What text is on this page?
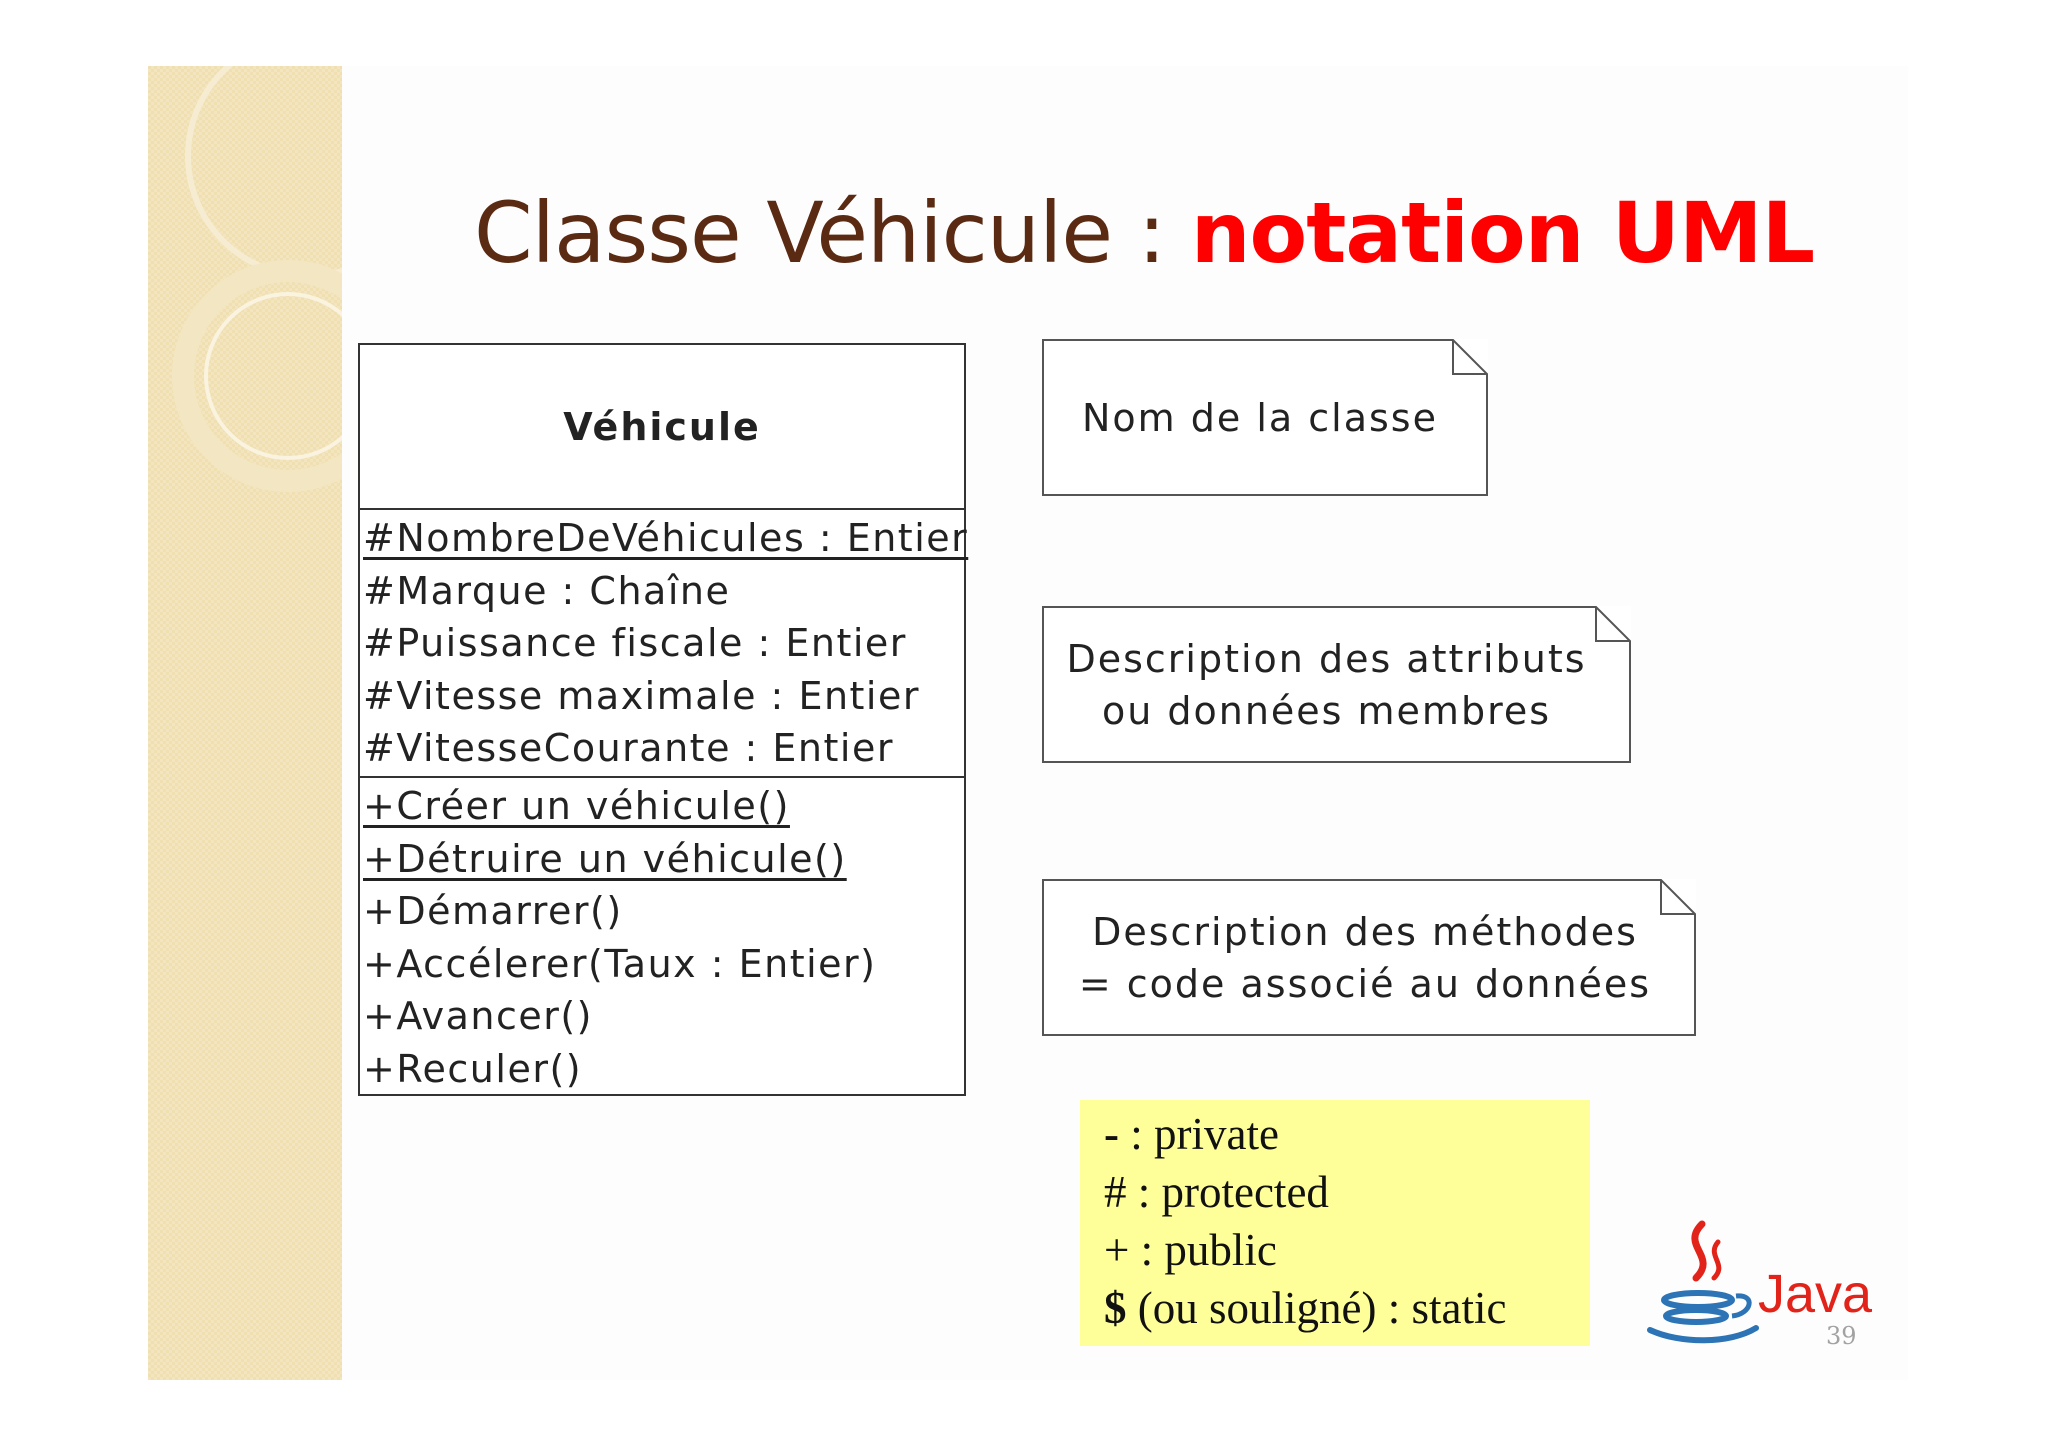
Classe Véhicule : notation UML
Véhicule
#NombreDeVéhicules : Entier
#Marque : Chaîne
#Puissance fiscale : Entier
#Vitesse maximale : Entier
#VitesseCourante : Entier
+Créer un véhicule()
+Détruire un véhicule()
+Démarrer()
+Accélerer(Taux : Entier)
+Avancer()
+Reculer()
Nom de la classe
Description des attributs
ou données membres
Description des méthodes
= code associé au données
- : private
# : protected
+ : public
$ (ou souligné) : static	Java
39
